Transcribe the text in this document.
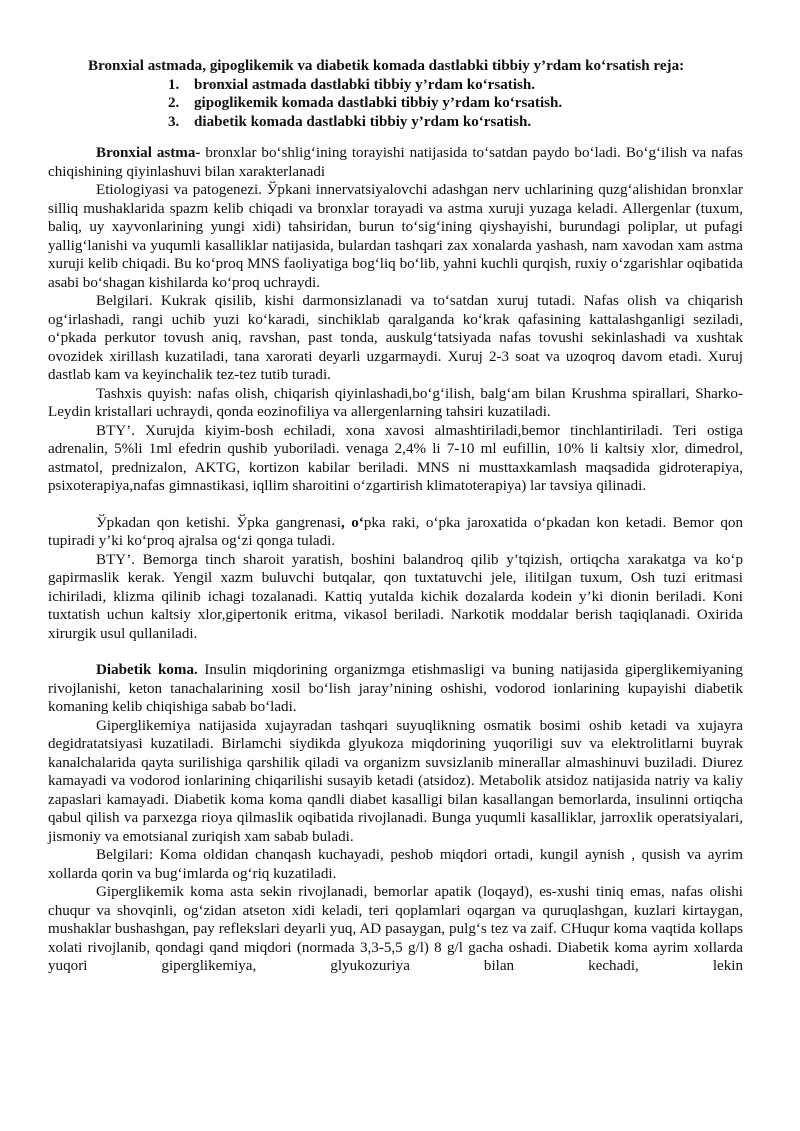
Bronxial astmada, gipoglikemik va diabetik komada dastlabki tibbiy y’rdam ko‘rsatish reja:

1. bronxial astmada dastlabki tibbiy y’rdam ko‘rsatish.
2. gipoglikemik komada dastlabki tibbiy y’rdam ko‘rsatish.
3. diabetik komada dastlabki tibbiy y’rdam ko‘rsatish.

Bronxial astma- bronxlar bo‘shlig‘ining torayishi natijasida to‘satdan paydo bo‘ladi. Bo‘g‘ilish va nafas chiqishining qiyinlashuvi bilan xarakterlanadi

Etiologiyasi va patogenezi. Ўpkani innervatsiyalovchi adashgan nerv uchlarining quzg‘alishidan bronxlar silliq mushaklarida spazm kelib chiqadi va bronxlar torayadi va astma xuruji yuzaga keladi. Allergenlar (tuxum, baliq, uy xayvonlarining yungi xidi) tahsiridan, burun to‘sig‘ining qiyshayishi, burundagi poliplar, ut pufagi yallig‘lanishi va yuqumli kasalliklar natijasida, bulardan tashqari zax xonalarda yashash, nam xavodan xam astma xuruji kelib chiqadi. Bu ko‘proq MNS faoliyatiga bog‘liq bo‘lib, yahni kuchli qurqish, ruxiy o‘zgarishlar oqibatida asabi bo‘shagan kishilarda ko‘proq uchraydi.

Belgilari. Kukrak qisilib, kishi darmonsizlanadi va to‘satdan xuruj tutadi. Nafas olish va chiqarish og‘irlashadi, rangi uchib yuzi ko‘karadi, sinchiklab qaralganda ko‘krak qafasining kattalashganligi seziladi, o‘pkada perkutor tovush aniq, ravshan, past tonda, auskulg‘tatsiyada nafas tovushi sekinlashadi va xushtak ovozidek xirillash kuzatiladi, tana xarorati deyarli uzgarmaydi. Xuruj 2-3 soat va uzoqroq davom etadi. Xuruj dastlab kam va keyinchalik tez-tez tutib turadi.

Tashxis quyish: nafas olish, chiqarish qiyinlashadi,bo‘g‘ilish, balg‘am bilan Krushma spirallari, Sharko-Leydin kristallari uchraydi, qonda eozinofiliya va allergenlarning tahsiri kuzatiladi.

BTY’. Xurujda kiyim-bosh echiladi, xona xavosi almashtiriladi,bemor tinchlantiriladi. Teri ostiga adrenalin, 5%li 1ml efedrin qushib yuboriladi. venaga 2,4% li 7-10 ml eufillin, 10% li kaltsiy xlor, dimedrol, astmatol, prednizalon, AKTG, kortizon kabilar beriladi. MNS ni musttaxkamlash maqsadida gidroterapiya, psixoterapiya,nafas gimnastikasi, iqllim sharoitini o‘zgartirish klimatoterapiya) lar tavsiya qilinadi.

Ўpkadan qon ketishi. Ўpka gangrenasi, o‘pka raki, o‘pka jaroxatida o‘pkadan kon ketadi. Bemor qon tupiradi y’ki ko‘proq ajralsa og‘zi qonga tuladi.

BTY’. Bemorga tinch sharoit yaratish, boshini balandroq qilib y’tqizish, ortiqcha xarakatga va ko‘p gapirmaslik kerak. Yengil xazm buluvchi butqalar, qon tuxtatuvchi jele, ilitilgan tuxum, Osh tuzi eritmasi ichiriladi, klizma qilinib ichagi tozalanadi. Kattiq yutalda kichik dozalarda kodein y’ki dionin beriladi. Koni tuxtatish uchun kaltsiy xlor,gipertonik eritma, vikasol beriladi. Narkotik moddalar berish taqiqlanadi. Oxirida xirurgik usul qullaniladi.

Diabetik koma. Insulin miqdorining organizmga etishmasligi va buning natijasida giperglikemiyaning rivojlanishi, keton tanachalarining xosil bo‘lish jaray’nining oshishi, vodorod ionlarining kupayishi diabetik komaning kelib chiqishiga sabab bo‘ladi.

Giperglikemiya natijasida xujayradan tashqari suyuqlikning osmatik bosimi oshib ketadi va xujayra degidratatsiyasi kuzatiladi. Birlamchi siydikda glyukoza miqdorining yuqoriligi suv va elektrolitlarni buyrak kanalchalarida qayta surilishiga qarshilik qiladi va organizm suvsizlanib minerallar almashinuvi buziladi. Diurez kamayadi va vodorod ionlarining chiqarilishi susayib ketadi (atsidoz). Metabolik atsidoz natijasida natriy va kaliy zapaslari kamayadi. Diabetik koma koma qandli diabet kasalligi bilan kasallangan bemorlarda, insulinni ortiqcha qabul qilish va parxezga rioya qilmaslik oqibatida rivojlanadi. Bunga yuqumli kasalliklar, jarroxlik operatsiyalari, jismoniy va emotsianal zuriqish xam sabab buladi.

Belgilari: Koma oldidan chanqash kuchayadi, peshob miqdori ortadi, kungil aynish , qusish va ayrim xollarda qorin va bug‘imlarda og‘riq kuzatiladi.

Giperglikemik koma asta sekin rivojlanadi, bemorlar apatik (loqayd), es-xushi tiniq emas, nafas olishi chuqur va shovqinli, og‘zidan atseton xidi keladi, teri qoplamlari oqargan va quruqlashgan, kuzlari kirtaygan, mushaklar bushashgan, pay reflekslari deyarli yuq, AD pasaygan, pulg‘s tez va zaif. CHuqur koma vaqtida kollaps xolati rivojlanib, qondagi qand miqdori (normada 3,3-5,5 g/l) 8 g/l gacha oshadi. Diabetik koma ayrim xollarda yuqori giperglikemiya, glyukozuriya bilan kechadi, lekin
